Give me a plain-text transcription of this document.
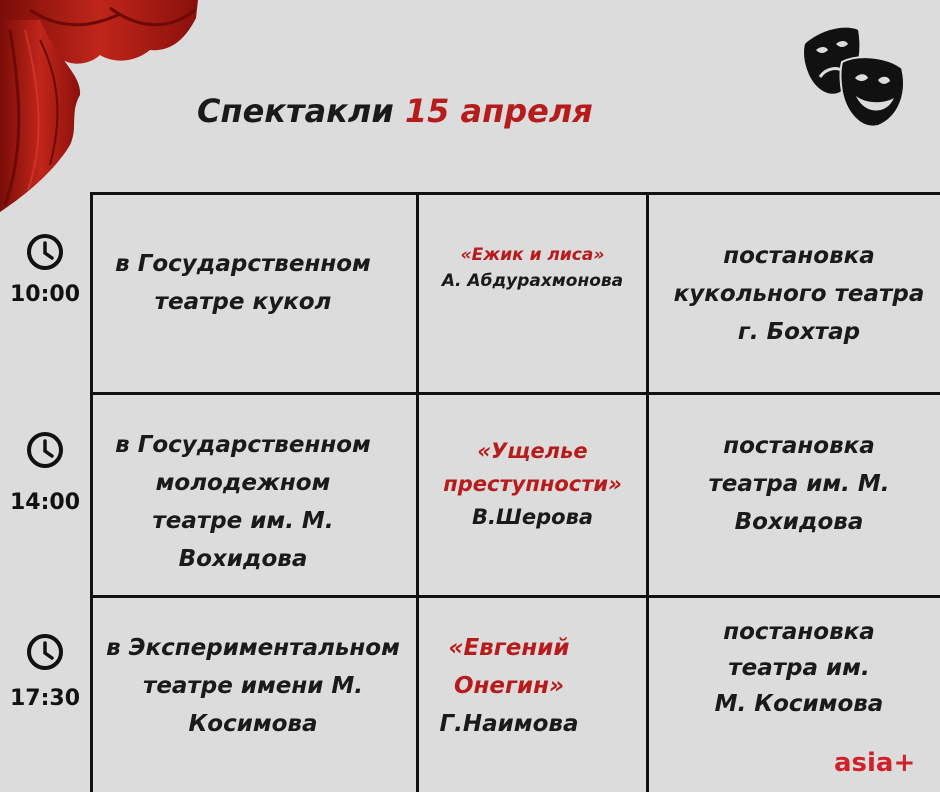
Спектакли 15 апреля
10:00
14:00
17:30
в Государственном
театре кукол
«Ежик и лиса»
А. Абдурахмонова
постановка
кукольного театра
г. Бохтар
в Государственном
молодежном
театре им. М.
Вохидова
«Ущелье
преступности»
В.Шерова
постановка
театра им. М.
Вохидова
в Экспериментальном
театре имени М.
Косимова
«Евгений
Онегин»
Г.Наимова
постановка
театра им.
М. Косимова
asia+
